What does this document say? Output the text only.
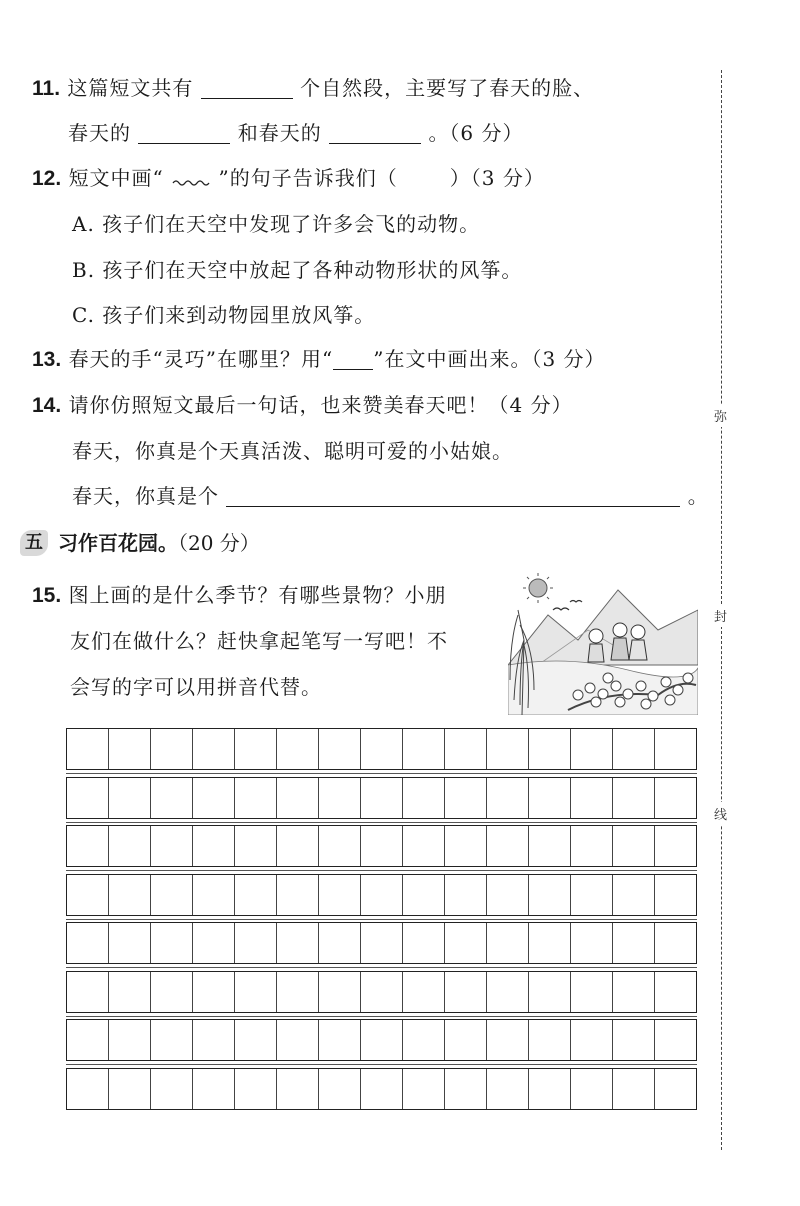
11. 这篇短文共有	个自然段，主要写了春天的脸、
春天的	和春天的	。（6 分）
12. 短文中画“	”的句子告诉我们（	）（3 分）
A. 孩子们在天空中发现了许多会飞的动物。
B. 孩子们在天空中放起了各种动物形状的风筝。
C. 孩子们来到动物园里放风筝。
13. 春天的手“灵巧”在哪里？用“ ”在文中画出来。（3 分）
14. 请你仿照短文最后一句话，也来赞美春天吧！（4 分）
春天，你真是个天真活泼、聪明可爱的小姑娘。
春天，你真是个	。
五 习作百花园。（20 分）
15. 图上画的是什么季节？有哪些景物？小朋
友们在做什么？赶快拿起笔写一写吧！不
会写的字可以用拼音代替。
弥
封
线
